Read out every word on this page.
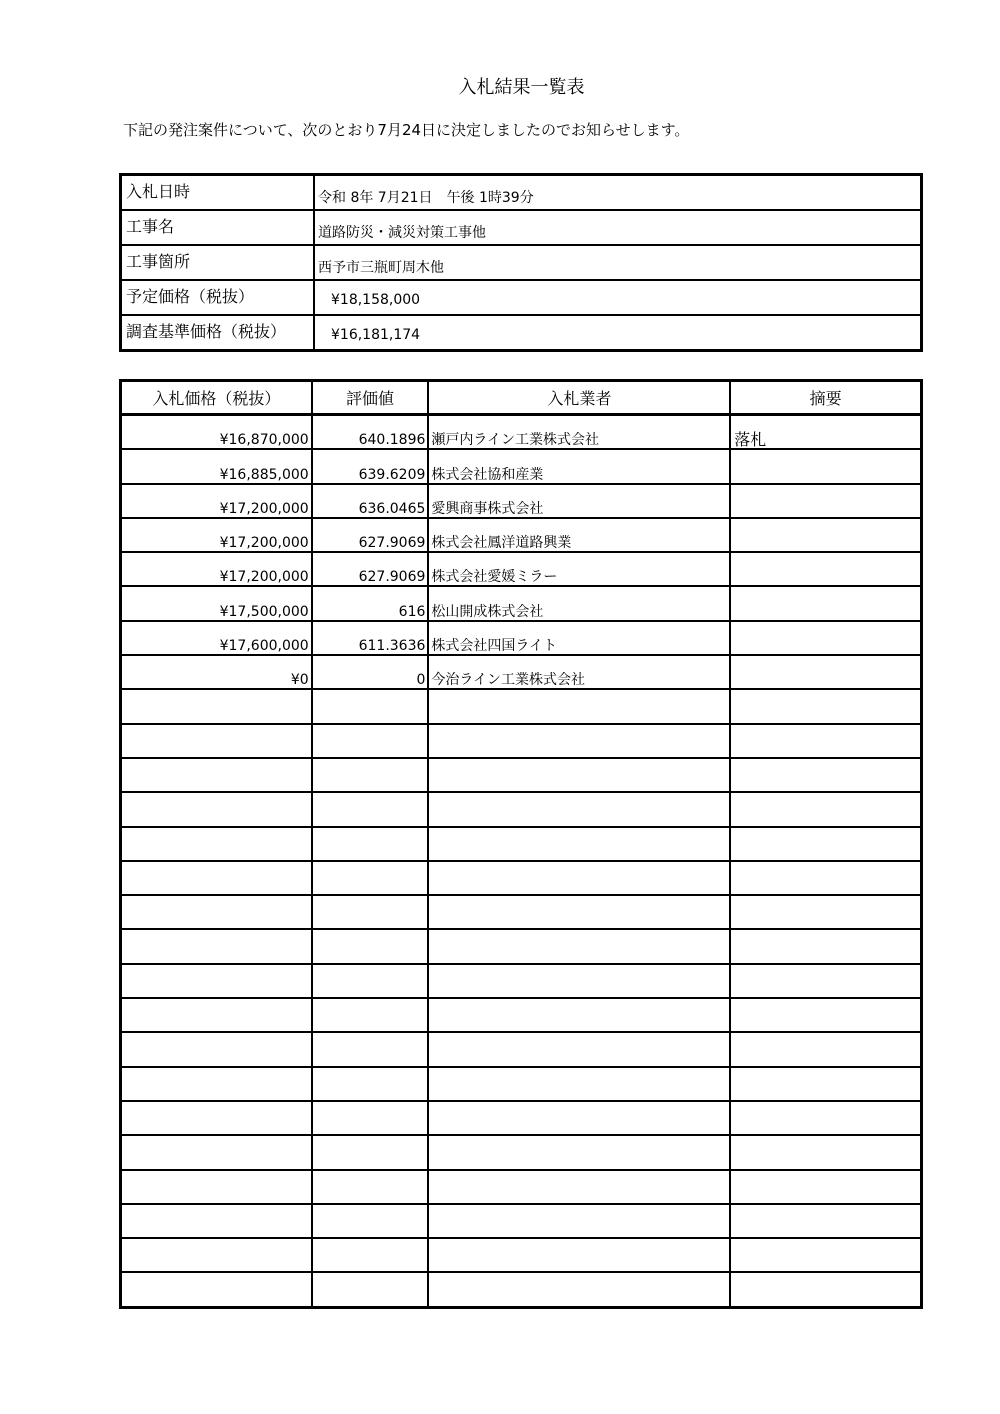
入札結果一覧表
下記の発注案件について、次のとおり7月24日に決定しましたのでお知らせします。
入札日時	令和 8年 7月21日　午後 1時39分
工事名	道路防災・減災対策工事他
工事箇所	西予市三瓶町周木他
予定価格（税抜）	¥18,158,000
調査基準価格（税抜）	¥16,181,174
入札価格（税抜）	評価値	入札業者	摘要
¥16,870,000	640.1896	瀬戸内ライン工業株式会社	落札
¥16,885,000	639.6209	株式会社協和産業	
¥17,200,000	636.0465	愛興商事株式会社	
¥17,200,000	627.9069	株式会社鳳洋道路興業	
¥17,200,000	627.9069	株式会社愛媛ミラー	
¥17,500,000	616	松山開成株式会社	
¥17,600,000	611.3636	株式会社四国ライト	
¥0	0	今治ライン工業株式会社	
